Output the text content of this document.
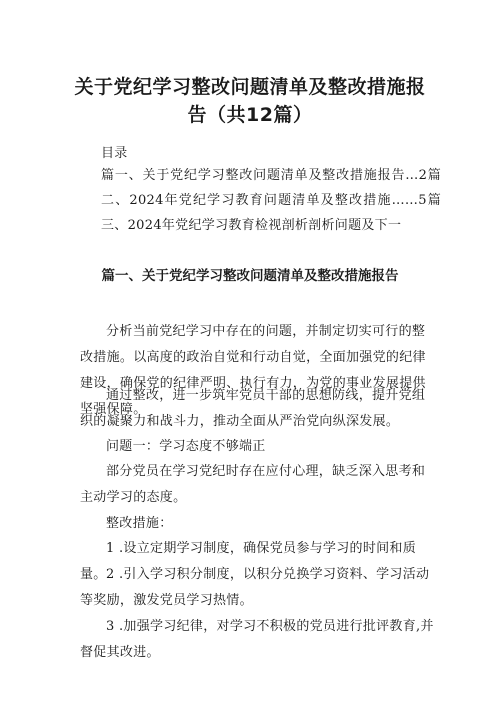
关于党纪学习整改问题清单及整改措施报
告（共12篇）
目录
篇一、关于党纪学习整改问题清单及整改措施报告…2篇二、2024年党纪学习教育问题清单及整改措施……5篇三、2024年党纪学习教育检视剖析剖析问题及下一
篇一、关于党纪学习整改问题清单及整改措施报告
分析当前党纪学习中存在的问题，并制定切实可行的整改措施。以高度的政治自觉和行动自觉，全面加强党的纪律建设，确保党的纪律严明、执行有力，为党的事业发展提供坚强保障。
通过整改，进一步筑牢党员干部的思想防线，提升党组织的凝聚力和战斗力，推动全面从严治党向纵深发展。
问题一：学习态度不够端正
部分党员在学习党纪时存在应付心理，缺乏深入思考和主动学习的态度。
整改措施：
1 .设立定期学习制度，确保党员参与学习的时间和质量。 2 .引入学习积分制度，以积分兑换学习资料、学习活动等奖励，激发党员学习热情。
3 .加强学习纪律，对学习不积极的党员进行批评教育,并督促其改进。
